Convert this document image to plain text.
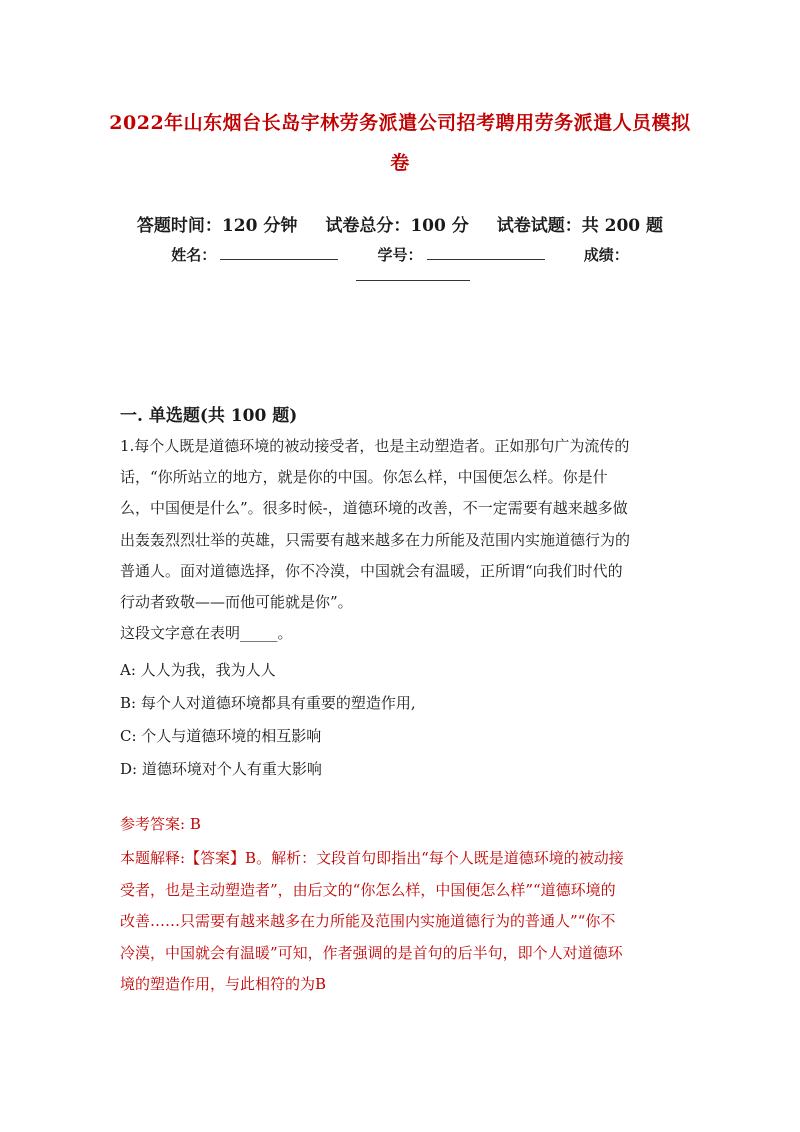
2022年山东烟台长岛宇林劳务派遣公司招考聘用劳务派遣人员模拟
卷
答题时间：120 分钟 试卷总分：100 分 试卷试题：共 200 题
姓名：	学号：	成绩：
一. 单选题(共 100 题)

1.每个人既是道德环境的被动接受者，也是主动塑造者。正如那句广为流传的

话，“你所站立的地方，就是你的中国。你怎么样，中国便怎么样。你是什

么，中国便是什么”。很多时候-，道德环境的改善，不一定需要有越来越多做

出轰轰烈烈壮举的英雄，只需要有越来越多在力所能及范围内实施道德行为的

普通人。面对道德选择，你不冷漠，中国就会有温暖，正所谓“向我们时代的

行动者致敬——而他可能就是你”。

这段文字意在表明_____。

A: 人人为我，我为人人
B: 每个人对道德环境都具有重要的塑造作用,
C: 个人与道德环境的相互影响
D: 道德环境对个人有重大影响
参考答案: B
本题解释:【答案】B。解析：文段首句即指出“每个人既是道德环境的被动接
受者，也是主动塑造者”，由后文的“你怎么样，中国便怎么样”“道德环境的
改善……只需要有越来越多在力所能及范围内实施道德行为的普通人”“你不
冷漠，中国就会有温暖”可知，作者强调的是首句的后半句，即个人对道德环
境的塑造作用，与此相符的为B
